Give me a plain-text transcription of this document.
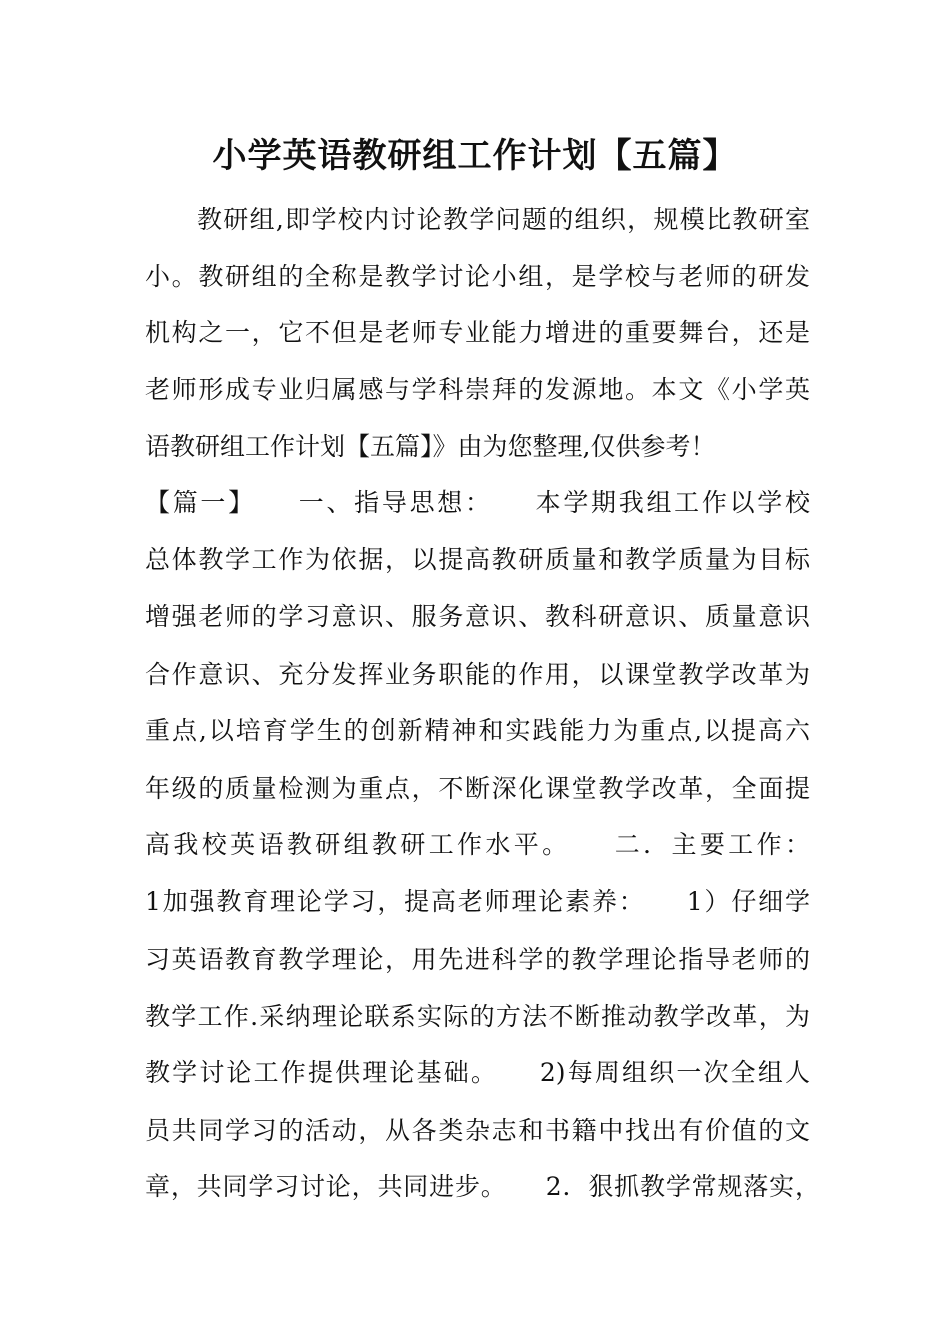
小学英语教研组工作计划【五篇】
教研组,即学校内讨论教学问题的组织，规模比教研室
小。教研组的全称是教学讨论小组，是学校与老师的研发
机构之一，它不但是老师专业能力增进的重要舞台，还是
老师形成专业归属感与学科崇拜的发源地。本文《小学英
语教研组工作计划【五篇】》由为您整理,仅供参考！
【篇一】　　一、指导思想：　　本学期我组工作以学校
总体教学工作为依据，以提高教研质量和教学质量为目标
增强老师的学习意识、服务意识、教科研意识、质量意识
合作意识、充分发挥业务职能的作用，以课堂教学改革为
重点,以培育学生的创新精神和实践能力为重点,以提高六
年级的质量检测为重点，不断深化课堂教学改革，全面提
高我校英语教研组教研工作水平。　　二．主要工作：
1加强教育理论学习，提高老师理论素养：　　1）仔细学
习英语教育教学理论，用先进科学的教学理论指导老师的
教学工作.采纳理论联系实际的方法不断推动教学改革，为
教学讨论工作提供理论基础。　　2)每周组织一次全组人
员共同学习的活动，从各类杂志和书籍中找出有价值的文
章，共同学习讨论，共同进步。　　2．狠抓教学常规落实，
